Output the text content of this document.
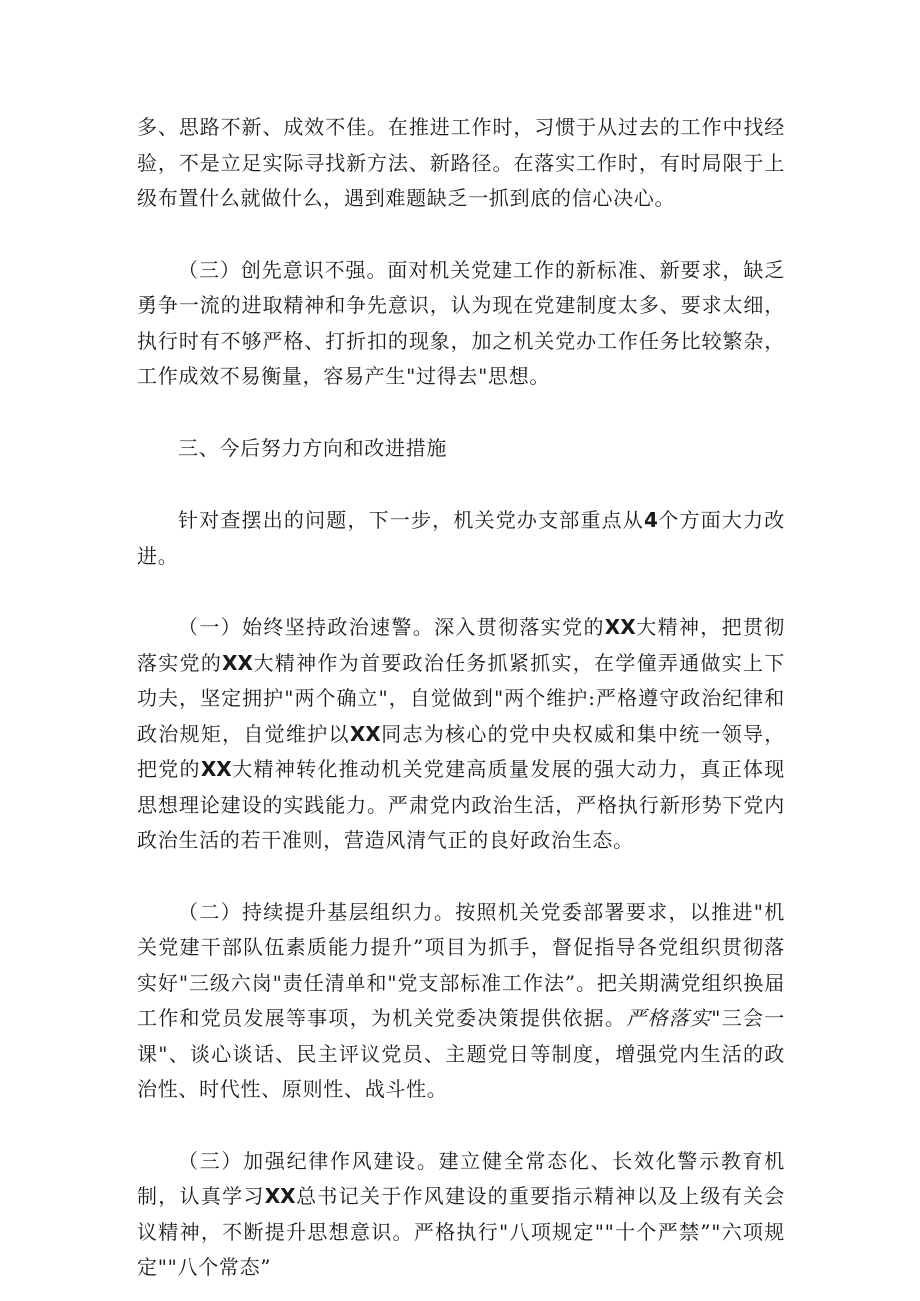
多、思路不新、成效不佳。在推进工作时，习惯于从过去的工作中找经验，不是立足实际寻找新方法、新路径。在落实工作时，有时局限于上级布置什么就做什么，遇到难题缺乏一抓到底的信心决心。

（三）创先意识不强。面对机关党建工作的新标准、新要求，缺乏勇争一流的进取精神和争先意识，认为现在党建制度太多、要求太细，执行时有不够严格、打折扣的现象，加之机关党办工作任务比较繁杂，工作成效不易衡量，容易产生"过得去"思想。

三、今后努力方向和改进措施

针对查摆出的问题，下一步，机关党办支部重点从4个方面大力改进。

（一）始终坚持政治速警。深入贯彻落实党的XX大精神，把贯彻落实党的XX大精神作为首要政治任务抓紧抓实，在学僮弄通做实上下功夫，坚定拥护"两个确立"，自觉做到"两个维护:严格遵守政治纪律和政治规矩，自觉维护以XX同志为核心的党中央权威和集中统一领导，把党的XX大精神转化推动机关党建高质量发展的强大动力，真正体现思想理论建设的实践能力。严肃党内政治生活，严格执行新形势下党内政治生活的若干准则，营造风清气正的良好政治生态。

（二）持续提升基层组织力。按照机关党委部署要求，以推进"机关党建干部队伍素质能力提升”项目为抓手，督促指导各党组织贯彻落实好"三级六岗"责任清单和"党支部标准工作法”。把关期满党组织换届工作和党员发展等事项，为机关党委决策提供依据。严格落实"三会一课"、谈心谈话、民主评议党员、主题党日等制度，增强党内生活的政治性、时代性、原则性、战斗性。

（三）加强纪律作风建设。建立健全常态化、长效化警示教育机制，认真学习XX总书记关于作风建设的重要指示精神以及上级有关会议精神，不断提升思想意识。严格执行"八项规定""十个严禁”"六项规定""八个常态”
